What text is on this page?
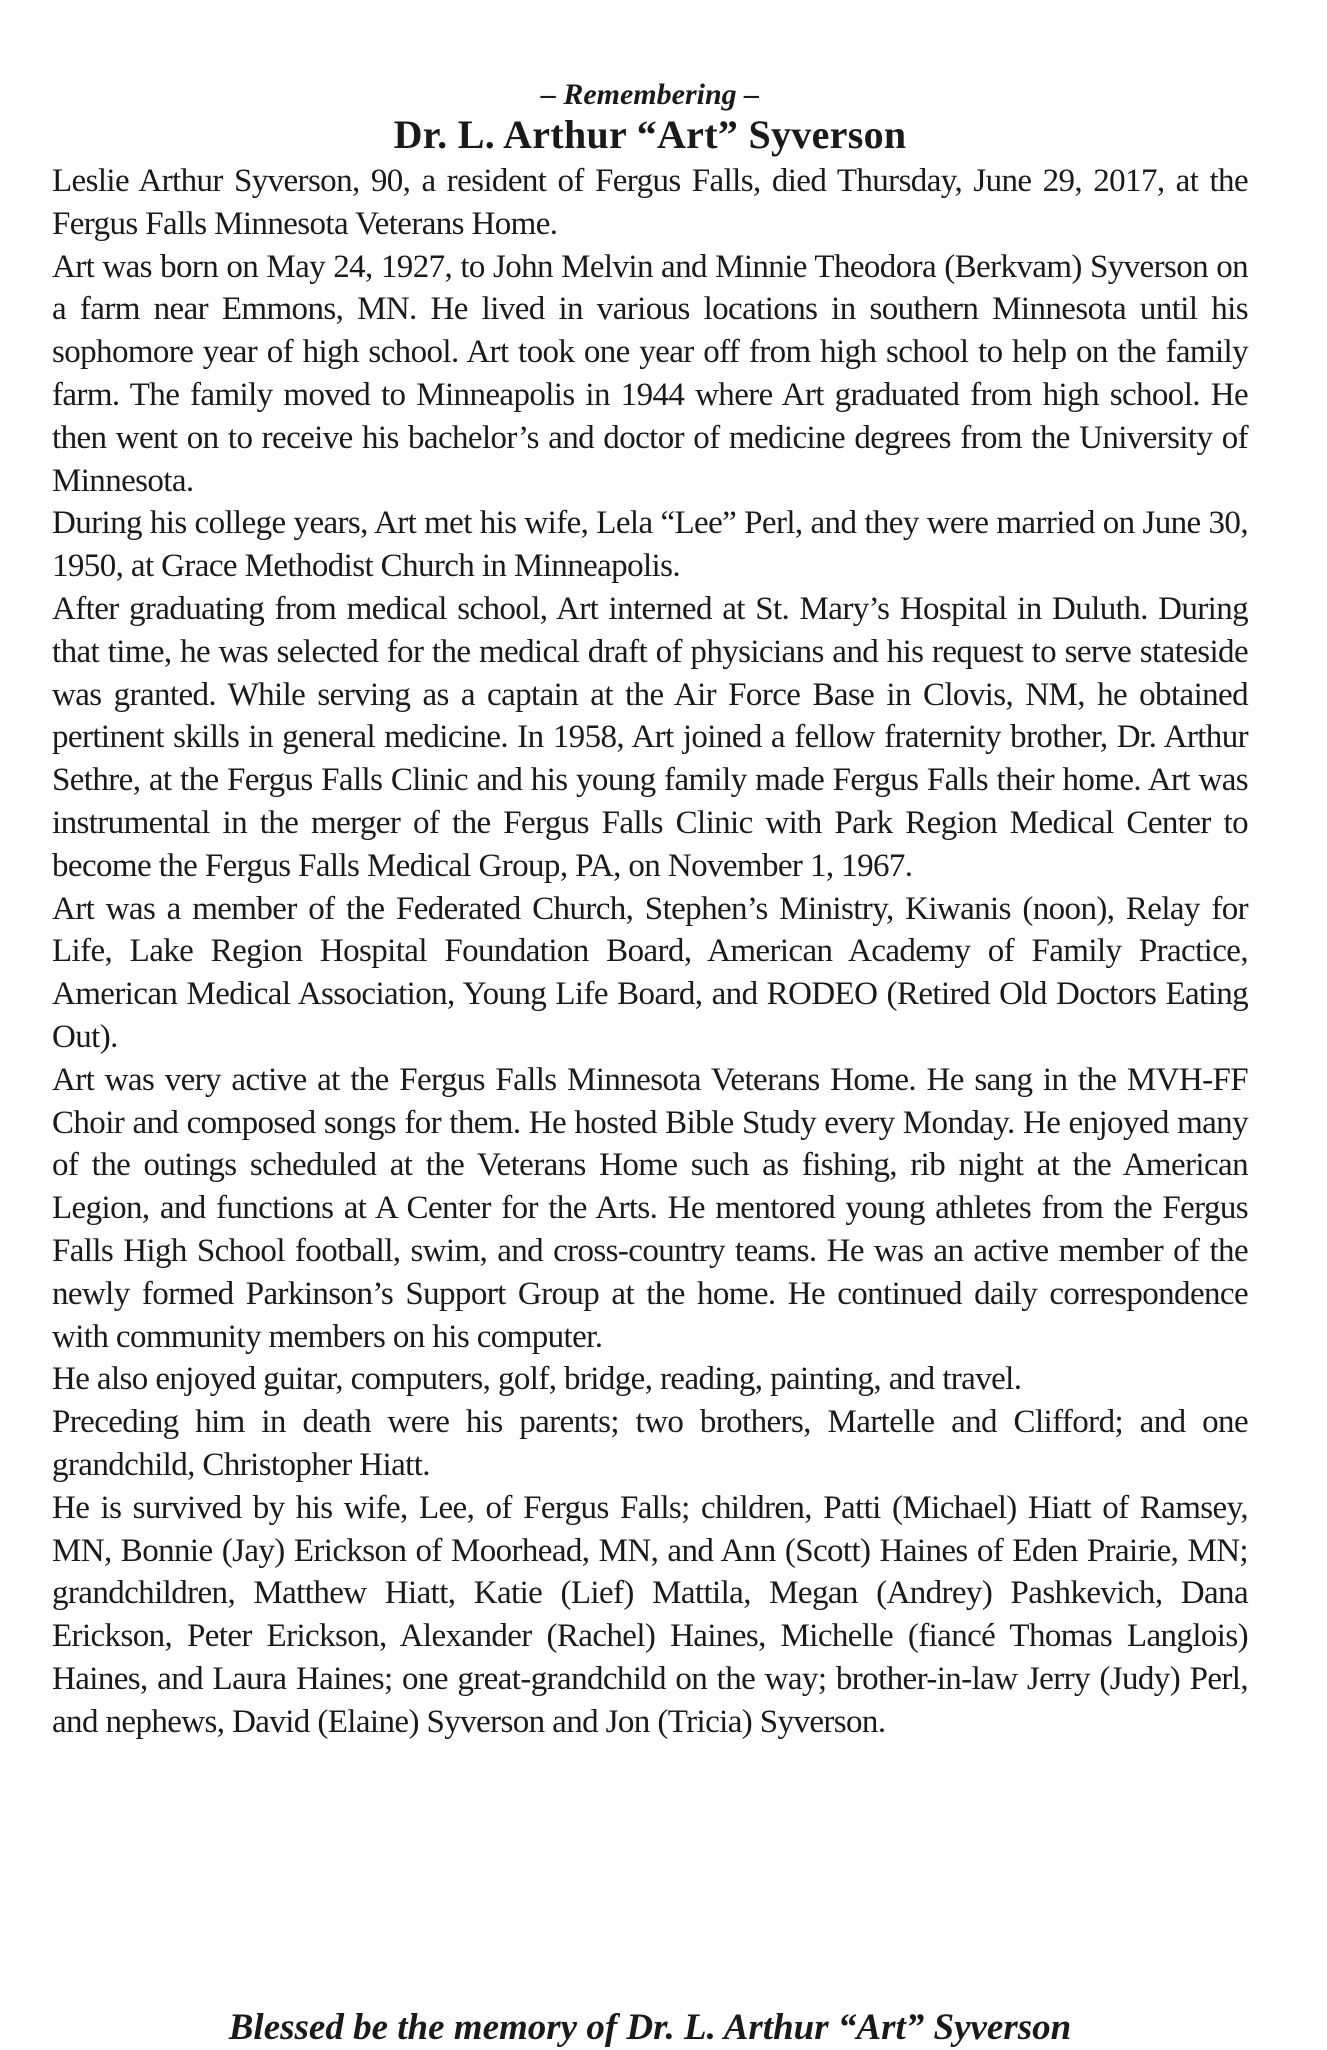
– Remembering –

Dr. L. Arthur “Art” Syverson

Leslie Arthur Syverson, 90, a resident of Fergus Falls, died Thursday, June 29, 2017, at the Fergus Falls Minnesota Veterans Home.

Art was born on May 24, 1927, to John Melvin and Minnie Theodora (Berkvam) Syverson on a farm near Emmons, MN. He lived in various locations in southern Minnesota until his sophomore year of high school. Art took one year off from high school to help on the family farm. The family moved to Minneapolis in 1944 where Art graduated from high school. He then went on to receive his bachelor’s and doctor of medicine degrees from the University of Minnesota.

During his college years, Art met his wife, Lela “Lee” Perl, and they were married on June 30, 1950, at Grace Methodist Church in Minneapolis.

After graduating from medical school, Art interned at St. Mary’s Hospital in Duluth. During that time, he was selected for the medical draft of physicians and his request to serve stateside was granted. While serving as a captain at the Air Force Base in Clovis, NM, he obtained pertinent skills in general medicine. In 1958, Art joined a fellow fraternity brother, Dr. Arthur Sethre, at the Fergus Falls Clinic and his young family made Fergus Falls their home. Art was instrumental in the merger of the Fergus Falls Clinic with Park Region Medical Center to become the Fergus Falls Medical Group, PA, on November 1, 1967.

Art was a member of the Federated Church, Stephen’s Ministry, Kiwanis (noon), Relay for Life, Lake Region Hospital Foundation Board, American Academy of Family Practice, American Medical Association, Young Life Board, and RODEO (Retired Old Doctors Eating Out).

Art was very active at the Fergus Falls Minnesota Veterans Home. He sang in the MVH-FF Choir and composed songs for them. He hosted Bible Study every Monday. He enjoyed many of the outings scheduled at the Veterans Home such as fishing, rib night at the American Legion, and functions at A Center for the Arts. He mentored young athletes from the Fergus Falls High School football, swim, and cross-country teams. He was an active member of the newly formed Parkinson’s Support Group at the home. He continued daily correspondence with community members on his computer.

He also enjoyed guitar, computers, golf, bridge, reading, painting, and travel.

Preceding him in death were his parents; two brothers, Martelle and Clifford; and one grandchild, Christopher Hiatt.

He is survived by his wife, Lee, of Fergus Falls; children, Patti (Michael) Hiatt of Ramsey, MN, Bonnie (Jay) Erickson of Moorhead, MN, and Ann (Scott) Haines of Eden Prairie, MN; grandchildren, Matthew Hiatt, Katie (Lief) Mattila, Megan (Andrey) Pashkevich, Dana Erickson, Peter Erickson, Alexander (Rachel) Haines, Michelle (fiancé Thomas Langlois) Haines, and Laura Haines; one great-grandchild on the way; brother-in-law Jerry (Judy) Perl, and nephews, David (Elaine) Syverson and Jon (Tricia) Syverson.

Blessed be the memory of Dr. L. Arthur “Art” Syverson
